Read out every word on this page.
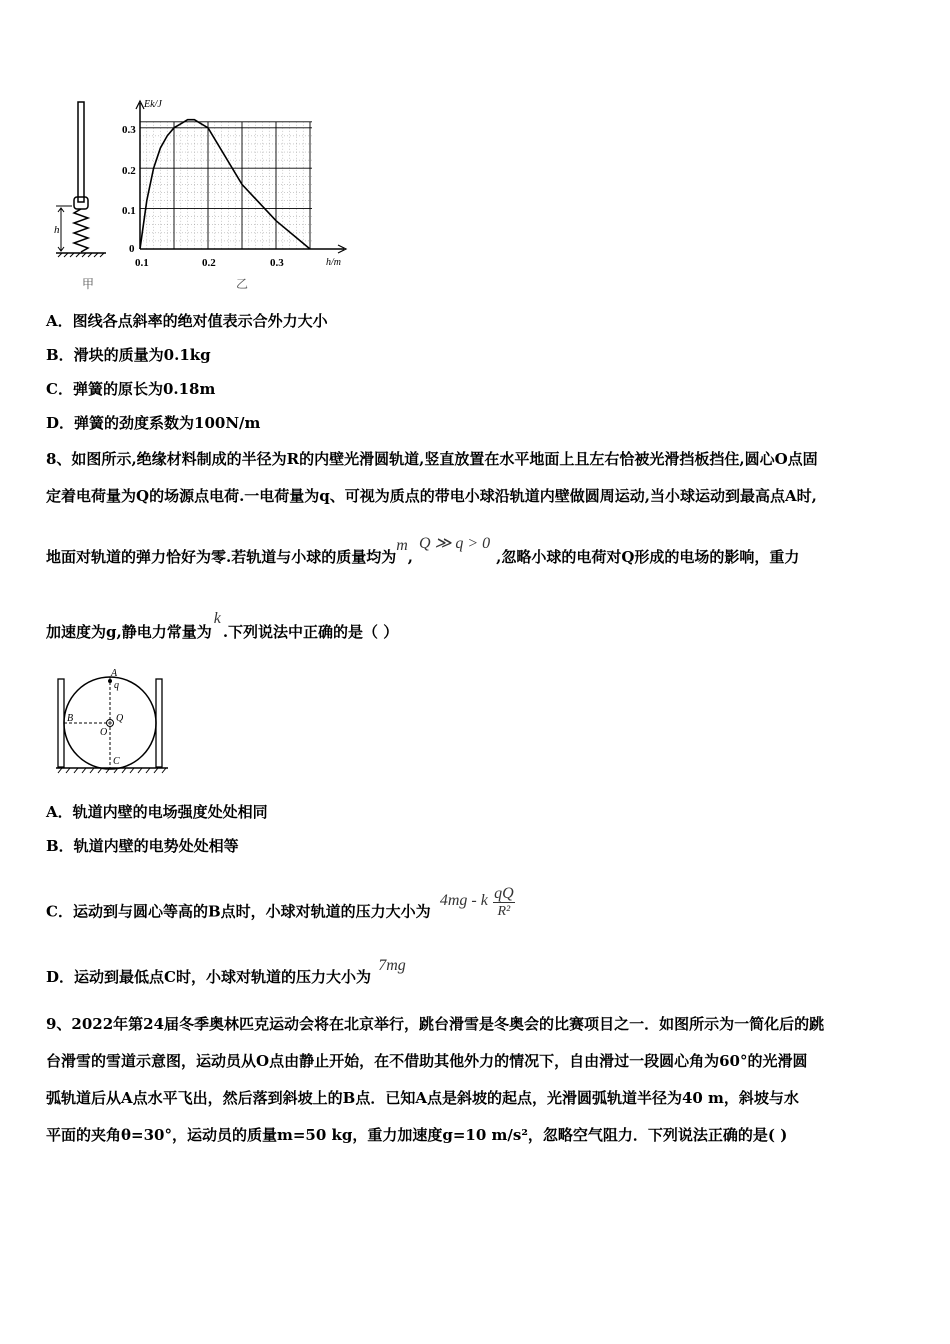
h
甲
Ek/J
h/m
0.3
0.2
0.1
0
0.1	0.2	0.3
乙
A．图线各点斜率的绝对值表示合外力大小
B．滑块的质量为0.1kg
C．弹簧的原长为0.18m
D．弹簧的劲度系数为100N/m
8、如图所示,绝缘材料制成的半径为R的内壁光滑圆轨道,竖直放置在水平地面上且左右恰被光滑挡板挡住,圆心O点固
定着电荷量为Q的场源点电荷.一电荷量为q、可视为质点的带电小球沿轨道内壁做圆周运动,当小球运动到最高点A时,
地面对轨道的弹力恰好为零.若轨道与小球的质量均为m,Q ≫ q > 0,忽略小球的电荷对Q形成的电场的影响，重力
加速度为g,静电力常量为k.下列说法中正确的是（ ）
A
q
B	Q
O
C
A．轨道内壁的电场强度处处相同
B．轨道内壁的电势处处相等
C．运动到与圆心等高的B点时，小球对轨道的压力大小为 4mg - k $\frac{qQ}{\text{R²}}$
D．运动到最低点C时，小球对轨道的压力大小为 7mg
9、2022年第24届冬季奥林匹克运动会将在北京举行，跳台滑雪是冬奥会的比赛项目之一．如图所示为一简化后的跳
台滑雪的雪道示意图，运动员从O点由静止开始，在不借助其他外力的情况下，自由滑过一段圆心角为60°的光滑圆
弧轨道后从A点水平飞出，然后落到斜坡上的B点．已知A点是斜坡的起点，光滑圆弧轨道半径为40 m，斜坡与水
平面的夹角θ=30°，运动员的质量m=50 kg，重力加速度g=10 m/s²，忽略空气阻力．下列说法正确的是( )
